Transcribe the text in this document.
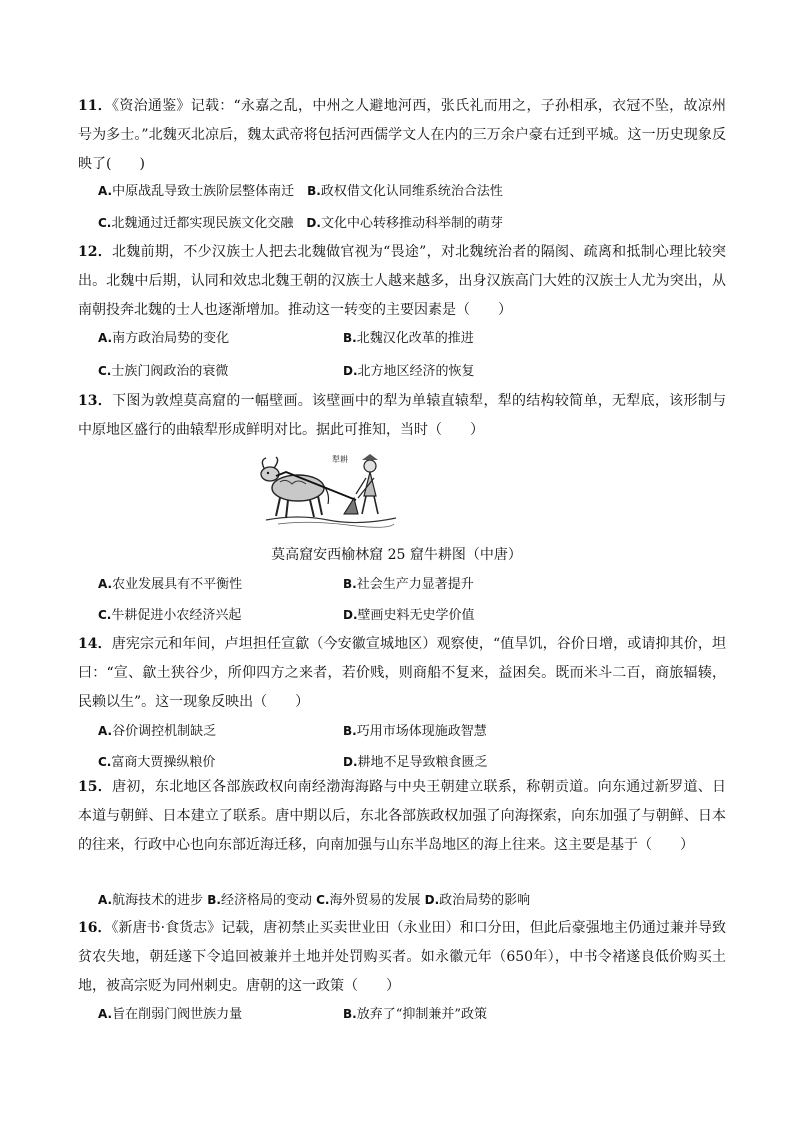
11．《资治通鉴》记载：“永嘉之乱，中州之人避地河西，张氏礼而用之，子孙相承，衣冠不坠，故凉州号为多士。”北魏灭北凉后，魏太武帝将包括河西儒学文人在内的三万余户豪右迁到平城。这一历史现象反映了(　　)

A.中原战乱导致士族阶层整体南迁　 B.政权借文化认同维系统治合法性
C.北魏通过迁都实现民族文化交融　 D.文化中心转移推动科举制的萌芽

12．北魏前期，不少汉族士人把去北魏做官视为“畏途”，对北魏统治者的隔阂、疏离和抵制心理比较突出。北魏中后期，认同和效忠北魏王朝的汉族士人越来越多，出身汉族高门大姓的汉族士人尤为突出，从南朝投奔北魏的士人也逐渐增加。推动这一转变的主要因素是（　　）

A.南方政治局势的变化	B.北魏汉化改革的推进
C.士族门阀政治的衰微	D.北方地区经济的恢复

13．下图为敦煌莫高窟的一幅壁画。该壁画中的犁为单辕直辕犁，犁的结构较简单，无犁底，该形制与中原地区盛行的曲辕犁形成鲜明对比。据此可推知，当时（　　）

犁耕
莫高窟安西榆林窟 25 窟牛耕图（中唐）
A.农业发展具有不平衡性	B.社会生产力显著提升
C.牛耕促进小农经济兴起	D.壁画史料无史学价值

14．唐宪宗元和年间，卢坦担任宣歙（今安徽宣城地区）观察使，“值旱饥，谷价日增，或请抑其价，坦曰：“宣、歙土狭谷少，所仰四方之来者，若价贱，则商船不复来，益困矣。既而米斗二百，商旅辐辏，民赖以生”。这一现象反映出（　　）

A.谷价调控机制缺乏	B.巧用市场体现施政智慧
C.富商大贾操纵粮价	D.耕地不足导致粮食匮乏

15．唐初，东北地区各部族政权向南经渤海海路与中央王朝建立联系，称朝贡道。向东通过新罗道、日本道与朝鲜、日本建立了联系。唐中期以后，东北各部族政权加强了向海探索，向东加强了与朝鲜、日本的往来，行政中心也向东部近海迁移，向南加强与山东半岛地区的海上往来。这主要是基于（　　）

A.航海技术的进步 B.经济格局的变动 C.海外贸易的发展 D.政治局势的影响

16．《新唐书·食货志》记载，唐初禁止买卖世业田（永业田）和口分田，但此后豪强地主仍通过兼并导致贫农失地，朝廷遂下令追回被兼并土地并处罚购买者。如永徽元年（650年），中书令褚遂良低价购买土地，被高宗贬为同州刺史。唐朝的这一政策（　　）

A.旨在削弱门阀世族力量	B.放弃了“抑制兼并”政策
